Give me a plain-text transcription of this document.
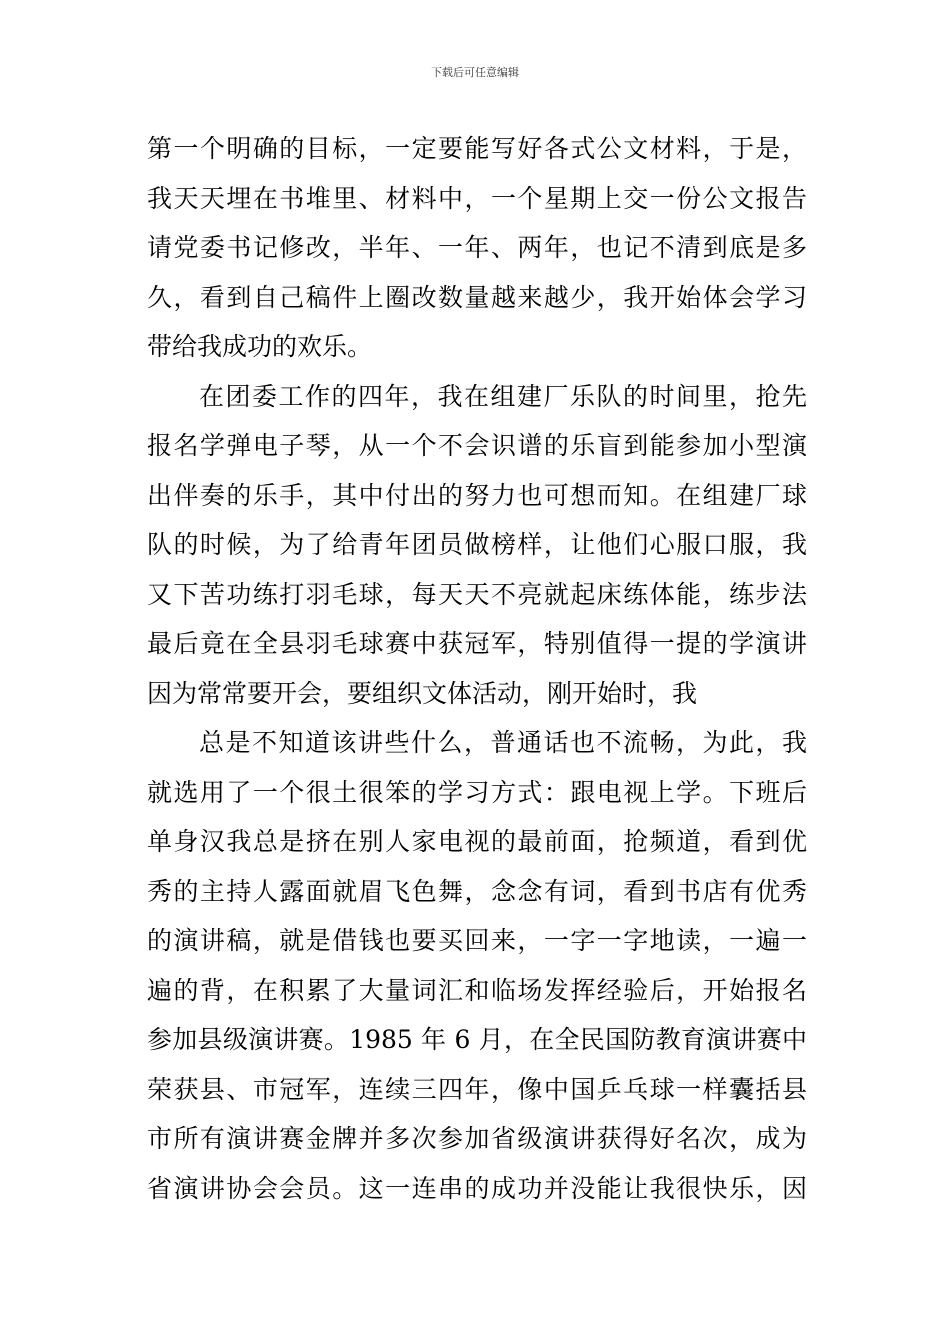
下载后可任意编辑
第一个明确的目标，一定要能写好各式公文材料，于是，
我天天埋在书堆里、材料中，一个星期上交一份公文报告
请党委书记修改，半年、一年、两年，也记不清到底是多
久，看到自己稿件上圈改数量越来越少，我开始体会学习
带给我成功的欢乐。
在团委工作的四年，我在组建厂乐队的时间里，抢先
报名学弹电子琴，从一个不会识谱的乐盲到能参加小型演
出伴奏的乐手，其中付出的努力也可想而知。在组建厂球
队的时候，为了给青年团员做榜样，让他们心服口服，我
又下苦功练打羽毛球，每天天不亮就起床练体能，练步法
最后竟在全县羽毛球赛中获冠军，特别值得一提的学演讲
因为常常要开会，要组织文体活动，刚开始时，我
总是不知道该讲些什么，普通话也不流畅，为此，我
就选用了一个很土很笨的学习方式：跟电视上学。下班后
单身汉我总是挤在别人家电视的最前面，抢频道，看到优
秀的主持人露面就眉飞色舞，念念有词，看到书店有优秀
的演讲稿，就是借钱也要买回来，一字一字地读，一遍一
遍的背，在积累了大量词汇和临场发挥经验后，开始报名
参加县级演讲赛。1985 年 6 月，在全民国防教育演讲赛中
荣获县、市冠军，连续三四年，像中国乒乓球一样囊括县
市所有演讲赛金牌并多次参加省级演讲获得好名次，成为
省演讲协会会员。这一连串的成功并没能让我很快乐，因
